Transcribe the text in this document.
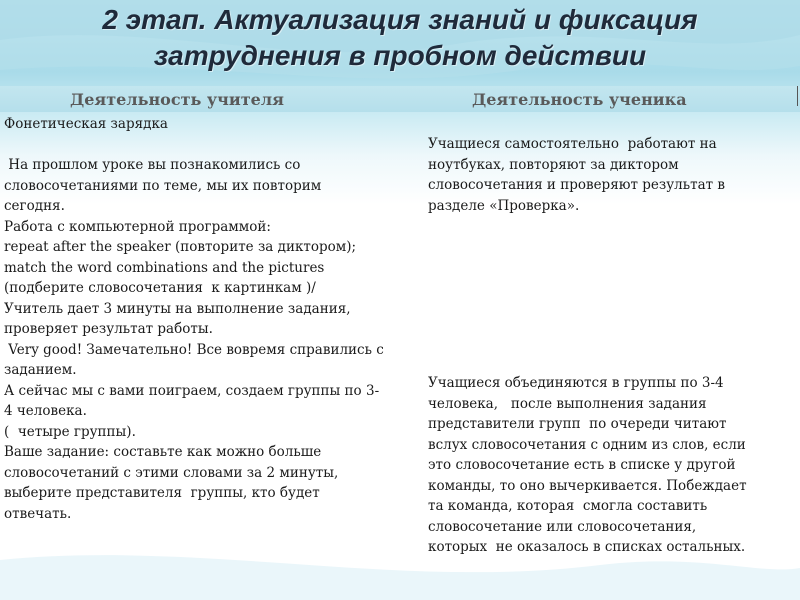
2 этап. Актуализация знаний и фиксация
затруднения в пробном действии
Деятельность учителя	Деятельность ученика
Фонетическая зарядка

На прошлом уроке вы познакомились со
словосочетаниями по теме, мы их повторим
сегодня.
Работа с компьютерной программой:
repeat after the speaker (повторите за диктором);
match the word combinations and the pictures
(подберите словосочетания  к картинкам )/
Учитель дает 3 минуты на выполнение задания,
проверяет результат работы.
Very good! Замечательно! Все вовремя справились с
заданием.
А сейчас мы с вами поиграем, создаем группы по 3-
4 человека.
(  четыре группы).
Ваше задание: составьте как можно больше
словосочетаний с этими словами за 2 минуты,
выберите представителя  группы, кто будет
отвечать.
Учащиеся самостоятельно  работают на
ноутбуках, повторяют за диктором
словосочетания и проверяют результат в
разделе «Проверка».
Учащиеся объединяются в группы по 3-4
человека,   после выполнения задания
представители групп  по очереди читают
вслух словосочетания с одним из слов, если
это словосочетание есть в списке у другой
команды, то оно вычеркивается. Побеждает
та команда, которая  смогла составить
словосочетание или словосочетания,
которых  не оказалось в списках остальных.
